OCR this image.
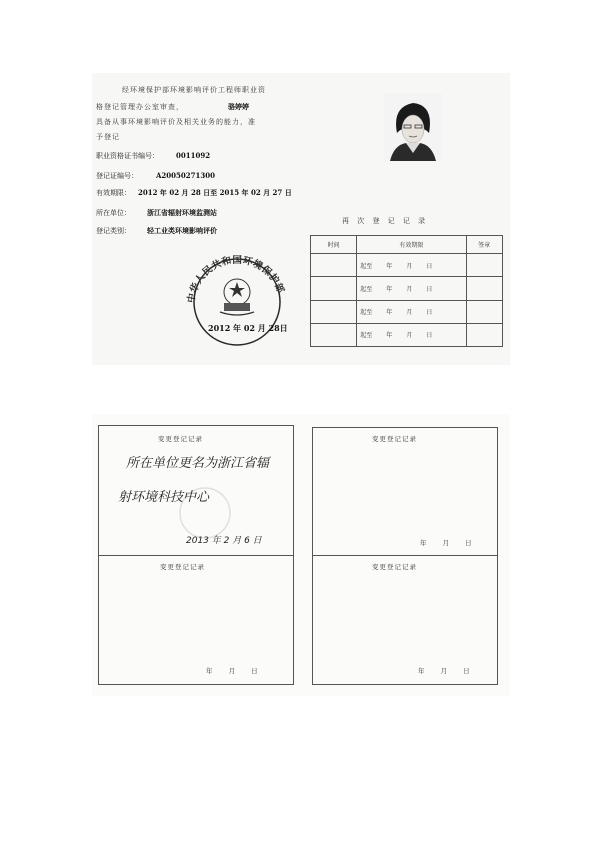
经环境保护部环境影响评价工程师职业资
格登记管理办公室审查，	骆婷婷
具备从事环境影响评价及相关业务的能力，准
予登记
职业资格证书编号： 0011092
登记证编号：	A20050271300
有效期限： 2012 年 02 月 28 日至 2015 年 02 月 27 日
所在单位： 浙江省辐射环境监测站
登记类别： 轻工业类环境影响评价
中华人民共和国环境保护部
2012 年 02 月 28日
再 次 登 记 记 录
时间	有效期限	签章
	起至 年 月 日	
	起至 年 月 日	
	起至 年 月 日	
	起至 年 月 日	
变更登记记录
所在单位更名为浙江省辐
射环境科技中心
2013 年 2 月 6 日
变更登记记录
年 月 日
变更登记记录
年 月 日
变更登记记录
年 月 日
